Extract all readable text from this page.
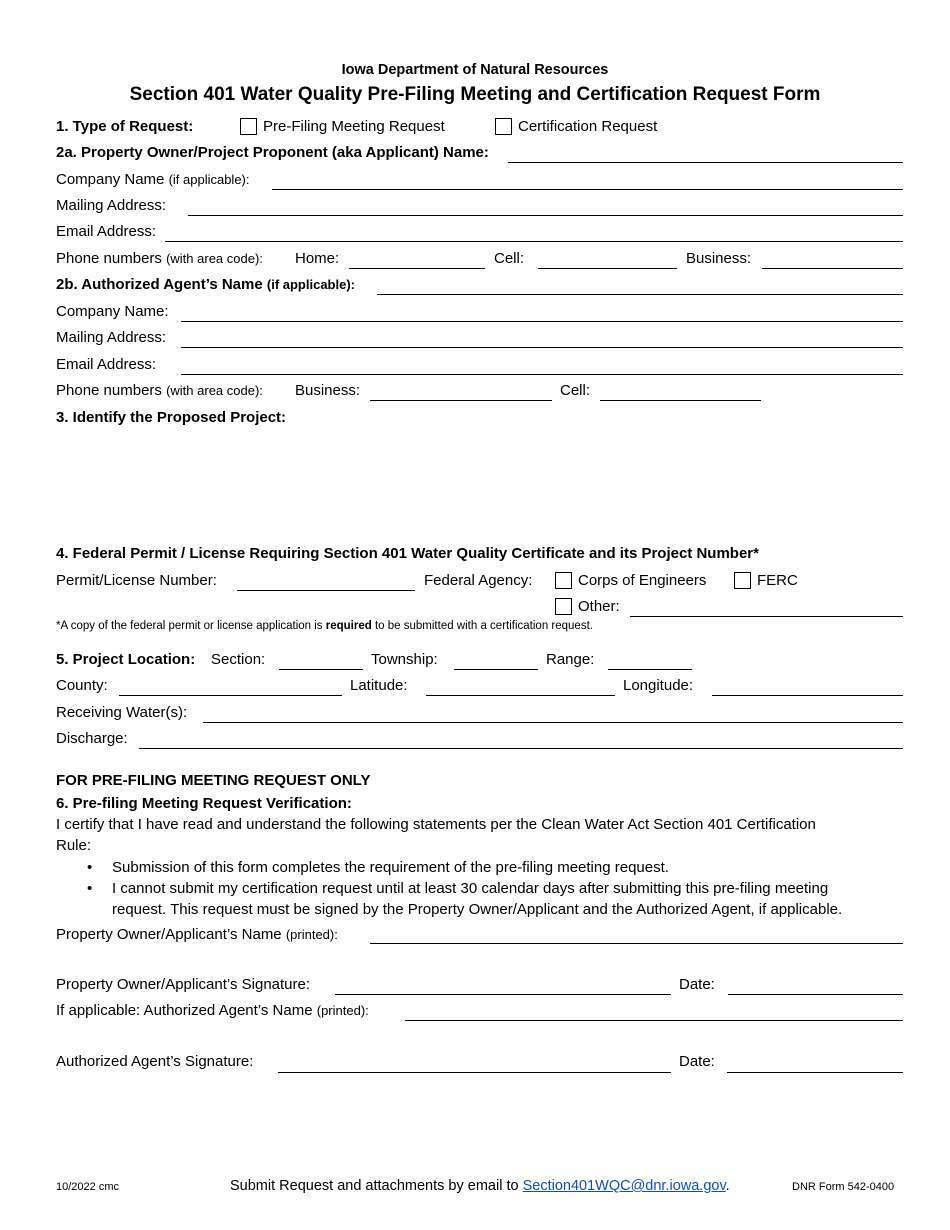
Iowa Department of Natural Resources
Section 401 Water Quality Pre-Filing Meeting and Certification Request Form
1. Type of Request:	Pre-Filing Meeting Request	Certification Request
2a. Property Owner/Project Proponent (aka Applicant) Name:
Company Name (if applicable):
Mailing Address:
Email Address:
Phone numbers (with area code): Home:	Cell:	Business:
2b. Authorized Agent’s Name (if applicable):
Company Name:
Mailing Address:
Email Address:
Phone numbers (with area code): Business:	Cell:
3. Identify the Proposed Project:
4. Federal Permit / License Requiring Section 401 Water Quality Certificate and its Project Number*
Permit/License Number:	Federal Agency:	Corps of Engineers	FERC
Other:
*A copy of the federal permit or license application is required to be submitted with a certification request.
5. Project Location: Section:	Township:	Range:
County:	Latitude:	Longitude:
Receiving Water(s):
Discharge:
FOR PRE-FILING MEETING REQUEST ONLY
6. Pre-filing Meeting Request Verification:
I certify that I have read and understand the following statements per the Clean Water Act Section 401 Certification
Rule:
• Submission of this form completes the requirement of the pre-filing meeting request.
• I cannot submit my certification request until at least 30 calendar days after submitting this pre-filing meeting
request. This request must be signed by the Property Owner/Applicant and the Authorized Agent, if applicable.
Property Owner/Applicant’s Name (printed):
Property Owner/Applicant’s Signature:	Date:
If applicable: Authorized Agent’s Name (printed):
Authorized Agent’s Signature:	Date:
10/2022 cmc	Submit Request and attachments by email to Section401WQC@dnr.iowa.gov.	DNR Form 542-0400
